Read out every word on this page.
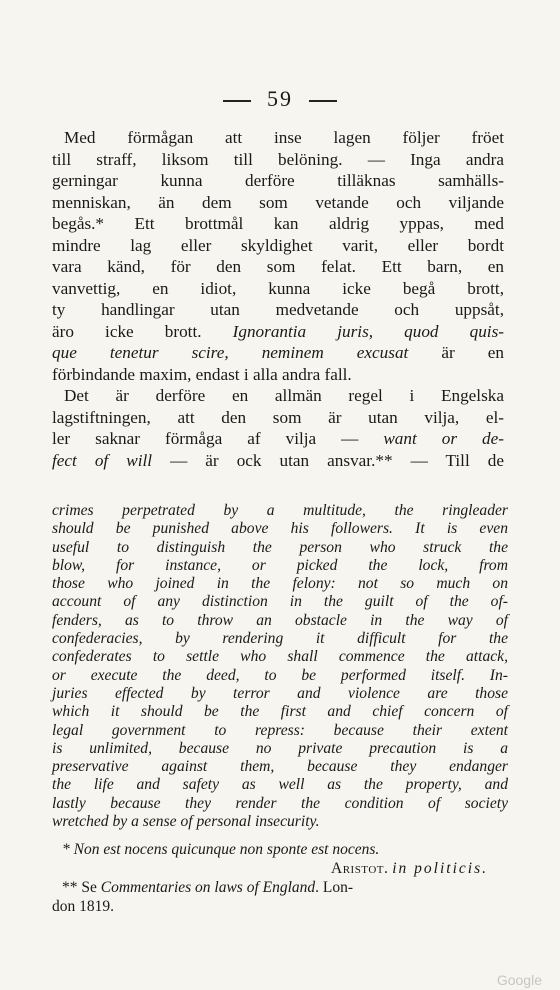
59
Med förmågan att inse lagen följer fröet
till straff, liksom till belöning. — Inga andra
gerningar kunna derföre tilläknas samhälls-
menniskan, än dem som vetande och viljande
begås.* Ett brottmål kan aldrig yppas, med
mindre lag eller skyldighet varit, eller bordt
vara känd, för den som felat. Ett barn, en
vanvettig, en idiot, kunna icke begå brott,
ty handlingar utan medvetande och uppsåt,
äro icke brott. Ignorantia juris, quod quis-
que tenetur scire, neminem excusat är en
förbindande maxim, endast i alla andra fall.
Det är derföre en allmän regel i Engelska
lagstiftningen, att den som är utan vilja, el-
ler saknar förmåga af vilja — want or de-
fect of will — är ock utan ansvar.** — Till de
crimes perpetrated by a multitude, the ringleader
should be punished above his followers. It is even
useful to distinguish the person who struck the
blow, for instance, or picked the lock, from
those who joined in the felony: not so much on
account of any distinction in the guilt of the of-
fenders, as to throw an obstacle in the way of
confederacies, by rendering it difficult for the
confederates to settle who shall commence the attack,
or execute the deed, to be performed itself. In-
juries effected by terror and violence are those
which it should be the first and chief concern of
legal government to repress: because their extent
is unlimited, because no private precaution is a
preservative against them, because they endanger
the life and safety as well as the property, and
lastly because they render the condition of society
wretched by a sense of personal insecurity.
* Non est nocens quicunque non sponte est nocens.
Aristot. in politicis.
** Se Commentaries on laws of England. Lon-
don 1819.
Google
